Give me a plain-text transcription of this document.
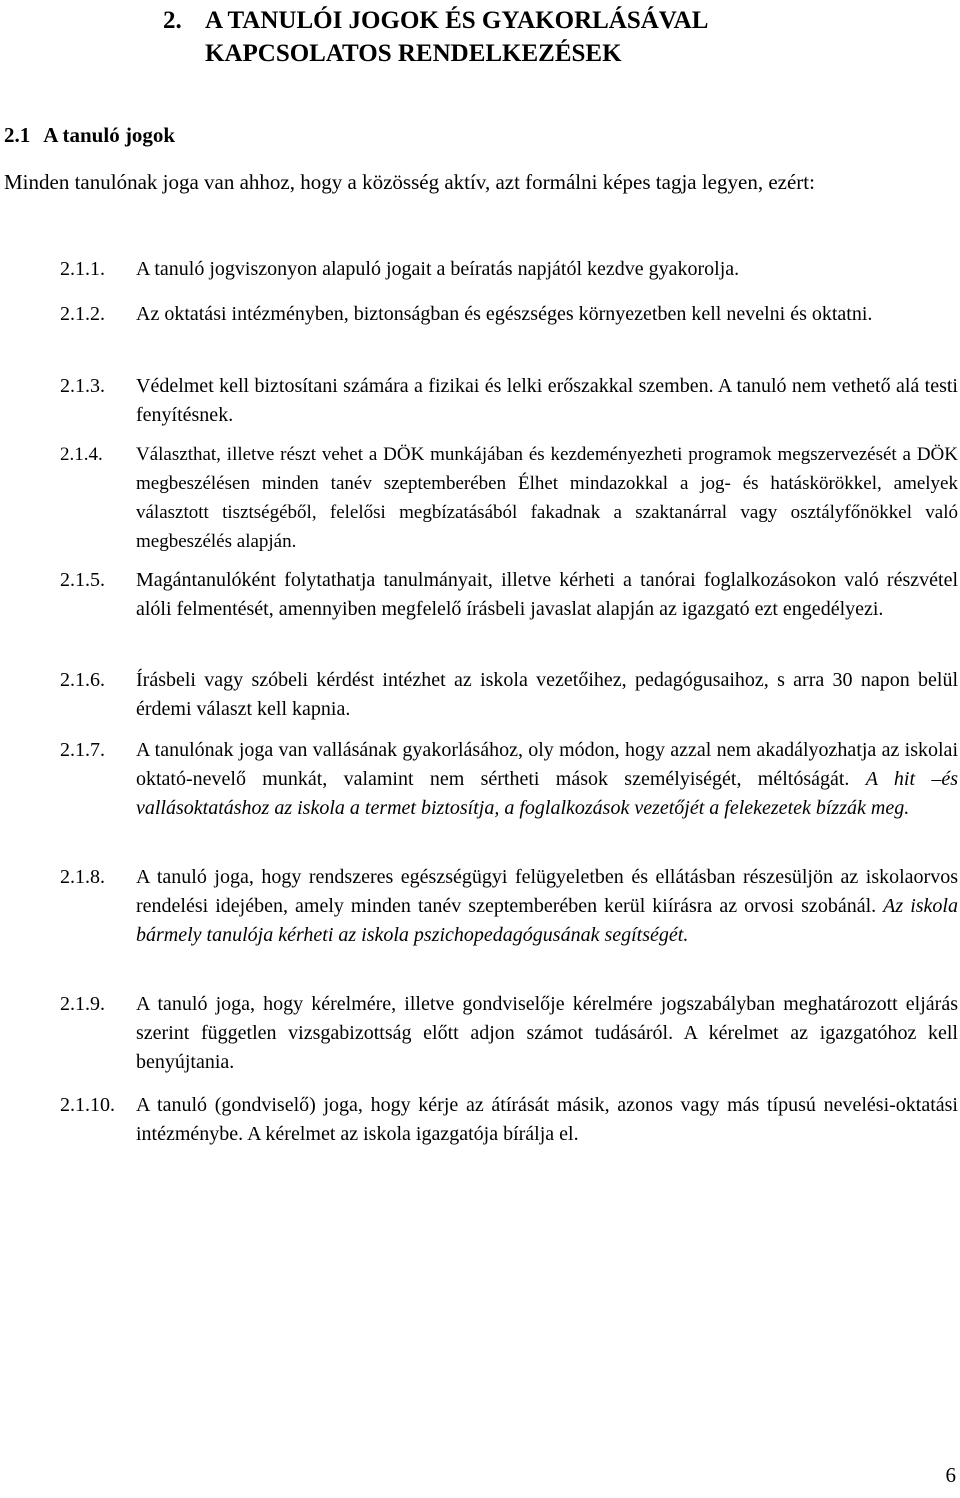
2. A TANULÓI JOGOK ÉS GYAKORLÁSÁVAL
KAPCSOLATOS RENDELKEZÉSEK
2.1 A tanuló jogok
Minden tanulónak joga van ahhoz, hogy a közösség aktív, azt formálni képes tagja legyen, ezért:
2.1.1. A tanuló jogviszonyon alapuló jogait a beíratás napjától kezdve gyakorolja.
2.1.2. Az oktatási intézményben, biztonságban és egészséges környezetben kell nevelni és oktatni.
2.1.3. Védelmet kell biztosítani számára a fizikai és lelki erőszakkal szemben. A tanuló nem vethető alá testi fenyítésnek.
2.1.4. Választhat, illetve részt vehet a DÖK munkájában és kezdeményezheti programok megszervezését a DÖK megbeszélésen minden tanév szeptemberében Élhet mindazokkal a jog- és hatáskörökkel, amelyek választott tisztségéből, felelősi megbízatásából fakadnak a szaktanárral vagy osztályfőnökkel való megbeszélés alapján.
2.1.5. Magántanulóként folytathatja tanulmányait, illetve kérheti a tanórai foglalkozásokon való részvétel alóli felmentését, amennyiben megfelelő írásbeli javaslat alapján az igazgató ezt engedélyezi.
2.1.6. Írásbeli vagy szóbeli kérdést intézhet az iskola vezetőihez, pedagógusaihoz, s arra 30 napon belül érdemi választ kell kapnia.
2.1.7. A tanulónak joga van vallásának gyakorlásához, oly módon, hogy azzal nem akadályozhatja az iskolai oktató-nevelő munkát, valamint nem sértheti mások személyiségét, méltóságát. A hit –és vallásoktatáshoz az iskola a termet biztosítja, a foglalkozások vezetőjét a felekezetek bízzák meg.
2.1.8. A tanuló joga, hogy rendszeres egészségügyi felügyeletben és ellátásban részesüljön az iskolaorvos rendelési idejében, amely minden tanév szeptemberében kerül kiírásra az orvosi szobánál. Az iskola bármely tanulója kérheti az iskola pszichopedagógusának segítségét.
2.1.9. A tanuló joga, hogy kérelmére, illetve gondviselője kérelmére jogszabályban meghatározott eljárás szerint független vizsgabizottság előtt adjon számot tudásáról. A kérelmet az igazgatóhoz kell benyújtania.
2.1.10. A tanuló (gondviselő) joga, hogy kérje az átírását másik, azonos vagy más típusú nevelési-oktatási intézménybe. A kérelmet az iskola igazgatója bírálja el.
6
